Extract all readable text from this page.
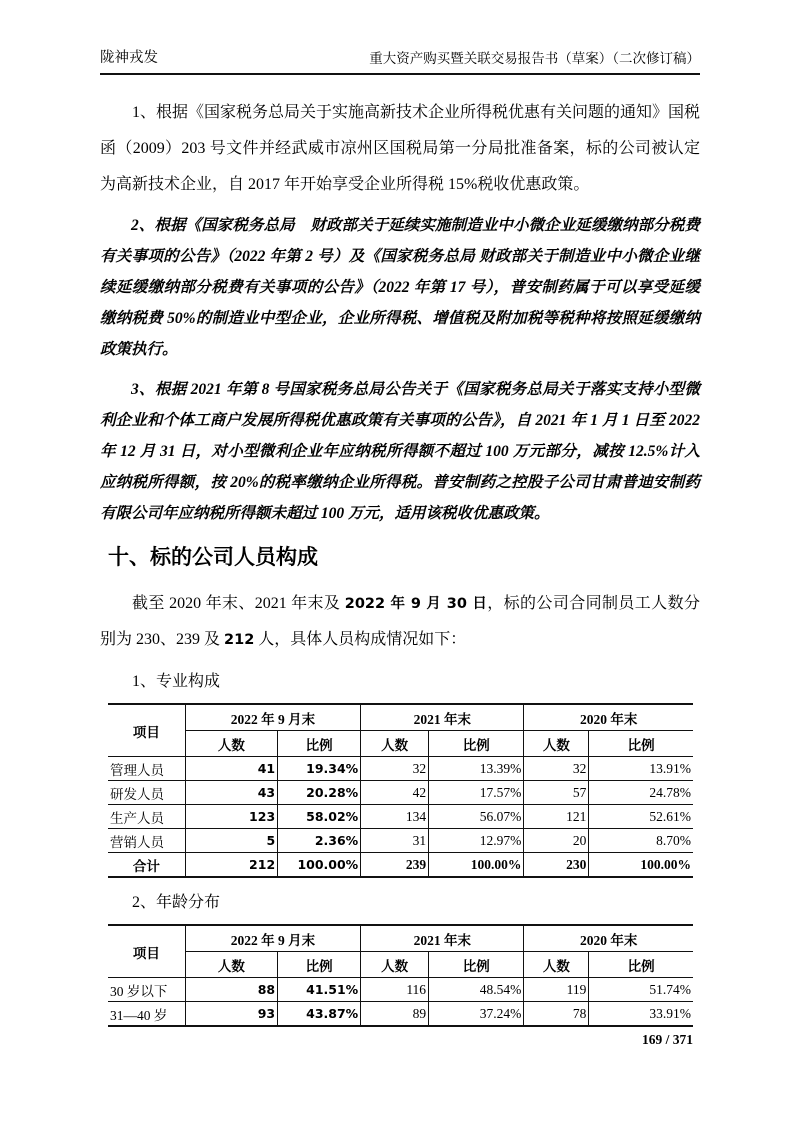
陇神戎发	重大资产购买暨关联交易报告书（草案）（二次修订稿）

1、根据《国家税务总局关于实施高新技术企业所得税优惠有关问题的通知》国税函（2009）203 号文件并经武威市凉州区国税局第一分局批准备案，标的公司被认定为高新技术企业，自 2017 年开始享受企业所得税 15%税收优惠政策。

2、根据《国家税务总局　财政部关于延续实施制造业中小微企业延缓缴纳部分税费有关事项的公告》（2022 年第 2 号）及《国家税务总局 财政部关于制造业中小微企业继续延缓缴纳部分税费有关事项的公告》（2022 年第 17 号），普安制药属于可以享受延缓缴纳税费 50%的制造业中型企业，企业所得税、增值税及附加税等税种将按照延缓缴纳政策执行。

3、根据 2021 年第 8 号国家税务总局公告关于《国家税务总局关于落实支持小型微利企业和个体工商户发展所得税优惠政策有关事项的公告》，自 2021 年 1 月 1 日至 2022 年 12 月 31 日，对小型微利企业年应纳税所得额不超过 100 万元部分，减按 12.5%计入应纳税所得额，按 20%的税率缴纳企业所得税。普安制药之控股子公司甘肃普迪安制药有限公司年应纳税所得额未超过 100 万元，适用该税收优惠政策。

十、标的公司人员构成

截至 2020 年末、2021 年末及 2022 年 9 月 30 日，标的公司合同制员工人数分别为 230、239 及 212 人，具体人员构成情况如下：

1、专业构成

项目	2022 年 9 月末		2021 年末		2020 年末	
	人数	比例	人数	比例	人数	比例
管理人员	41	19.34%	32	13.39%	32	13.91%
研发人员	43	20.28%	42	17.57%	57	24.78%
生产人员	123	58.02%	134	56.07%	121	52.61%
营销人员	5	2.36%	31	12.97%	20	8.70%
合计	212	100.00%	239	100.00%	230	100.00%

2、年龄分布

项目	2022 年 9 月末		2021 年末		2020 年末	
	人数	比例	人数	比例	人数	比例
30 岁以下	88	41.51%	116	48.54%	119	51.74%
31—40 岁	93	43.87%	89	37.24%	78	33.91%
169 / 371
